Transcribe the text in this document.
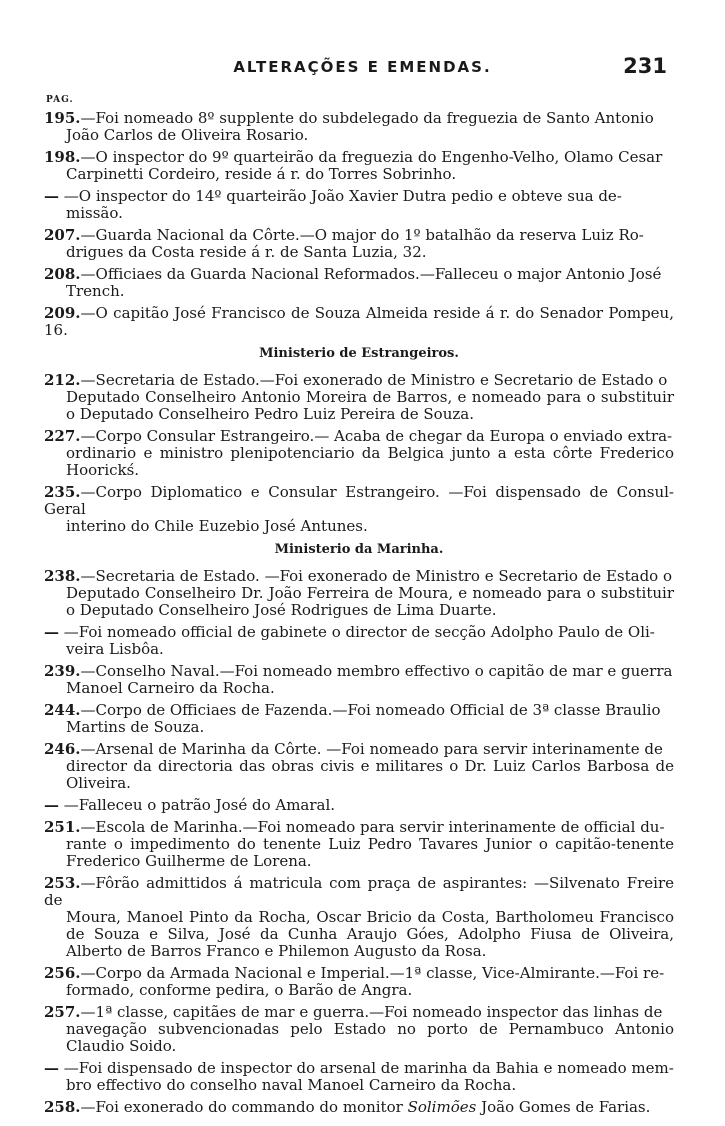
ALTERAÇÕES E EMENDAS.	231
PAG.

195.—Foi nomeado 8º supplente do subdelegado da freguezia de Santo Antonio
João Carlos de Oliveira Rosario.

198.—O inspector do 9º quarteirão da freguezia do Engenho-Velho, Olamo Cesar
Carpinetti Cordeiro, reside á r. do Torres Sobrinho.

— —O inspector do 14º quarteirão João Xavier Dutra pedio e obteve sua de-
missão.

207.—Guarda Nacional da Côrte.—O major do 1º batalhão da reserva Luiz Ro-
drigues da Costa reside á r. de Santa Luzia, 32.

208.—Officiaes da Guarda Nacional Reformados.—Falleceu o major Antonio José
Trench.

209.—O capitão José Francisco de Souza Almeida reside á r. do Senador Pompeu, 16.

Ministerio de Estrangeiros.

212.—Secretaria de Estado.—Foi exonerado de Ministro e Secretario de Estado o
Deputado Conselheiro Antonio Moreira de Barros, e nomeado para o substituir o Deputado Conselheiro Pedro Luiz Pereira de Souza.

227.—Corpo Consular Estrangeiro.— Acaba de chegar da Europa o enviado extra-
ordinario e ministro plenipotenciario da Belgica junto a esta côrte Frederico Hoorickś.

235.—Corpo Diplomatico e Consular Estrangeiro. —Foi dispensado de Consul-Geral
interino do Chile Euzebio José Antunes.

Ministerio da Marinha.

238.—Secretaria de Estado. —Foi exonerado de Ministro e Secretario de Estado o
Deputado Conselheiro Dr. João Ferreira de Moura, e nomeado para o substituir o Deputado Conselheiro José Rodrigues de Lima Duarte.

— —Foi nomeado official de gabinete o director de secção Adolpho Paulo de Oli-
veira Lisbôa.

239.—Conselho Naval.—Foi nomeado membro effectivo o capitão de mar e guerra
Manoel Carneiro da Rocha.

244.—Corpo de Officiaes de Fazenda.—Foi nomeado Official de 3ª classe Braulio
Martins de Souza.

246.—Arsenal de Marinha da Côrte. —Foi nomeado para servir interinamente de
director da directoria das obras civis e militares o Dr. Luiz Carlos Barbosa de Oliveira.

— —Falleceu o patrão José do Amaral.

251.—Escola de Marinha.—Foi nomeado para servir interinamente de official du-
rante o impedimento do tenente Luiz Pedro Tavares Junior o capitão-tenente Frederico Guilherme de Lorena.

253.—Fôrão admittidos á matricula com praça de aspirantes: —Silvenato Freire de
Moura, Manoel Pinto da Rocha, Oscar Bricio da Costa, Bartholomeu Francisco de Souza e Silva, José da Cunha Araujo Góes, Adolpho Fiusa de Oliveira, Alberto de Barros Franco e Philemon Augusto da Rosa.

256.—Corpo da Armada Nacional e Imperial.—1ª classe, Vice-Almirante.—Foi re-
formado, conforme pedira, o Barão de Angra.

257.—1ª classe, capitães de mar e guerra.—Foi nomeado inspector das linhas de
navegação subvencionadas pelo Estado no porto de Pernambuco Antonio Claudio Soido.

— —Foi dispensado de inspector do arsenal de marinha da Bahia e nomeado mem-
bro effectivo do conselho naval Manoel Carneiro da Rocha.

258.—Foi exonerado do commando do monitor Solimões João Gomes de Farias.
